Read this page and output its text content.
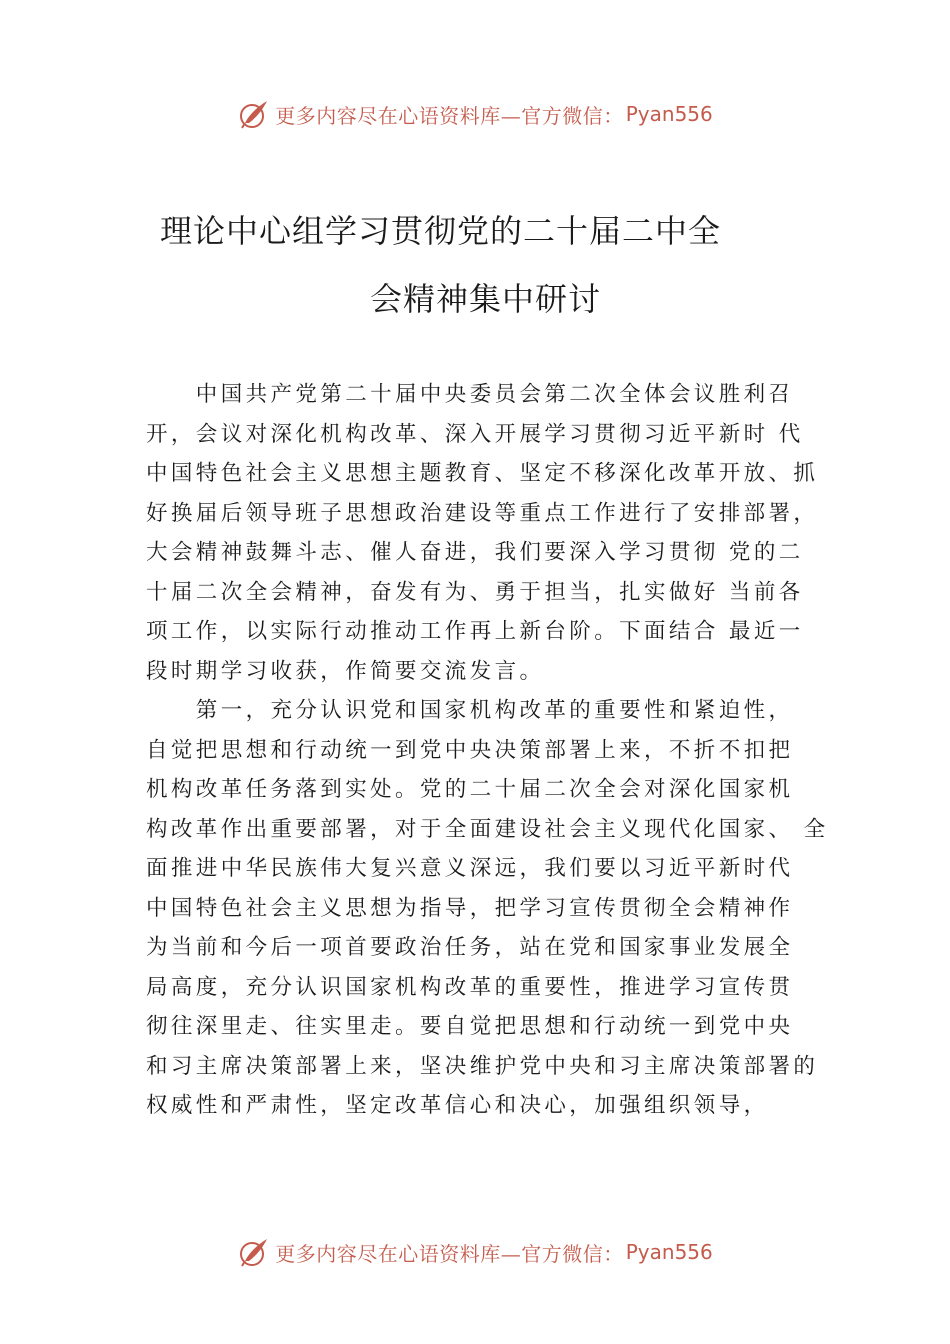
更多内容尽在心语资料库—官方微信： Pyan556
理论中心组学习贯彻党的二十届二中全
会精神集中研讨
　　中国共产党第二十届中央委员会第二次全体会议胜利召
开，会议对深化机构改革、深入开展学习贯彻习近平新时 代
中国特色社会主义思想主题教育、坚定不移深化改革开放、抓
好换届后领导班子思想政治建设等重点工作进行了安排部署，
大会精神鼓舞斗志、催人奋进，我们要深入学习贯彻 党的二
十届二次全会精神，奋发有为、勇于担当，扎实做好 当前各
项工作，以实际行动推动工作再上新台阶。下面结合 最近一
段时期学习收获，作简要交流发言。
　　第一，充分认识党和国家机构改革的重要性和紧迫性，
自觉把思想和行动统一到党中央决策部署上来，不折不扣把
机构改革任务落到实处。党的二十届二次全会对深化国家机
构改革作出重要部署，对于全面建设社会主义现代化国家、 全
面推进中华民族伟大复兴意义深远，我们要以习近平新时代
中国特色社会主义思想为指导，把学习宣传贯彻全会精神作
为当前和今后一项首要政治任务，站在党和国家事业发展全
局高度，充分认识国家机构改革的重要性，推进学习宣传贯
彻往深里走、往实里走。要自觉把思想和行动统一到党中央
和习主席决策部署上来，坚决维护党中央和习主席决策部署的
权威性和严肃性，坚定改革信心和决心，加强组织领导，
更多内容尽在心语资料库—官方微信： Pyan556
